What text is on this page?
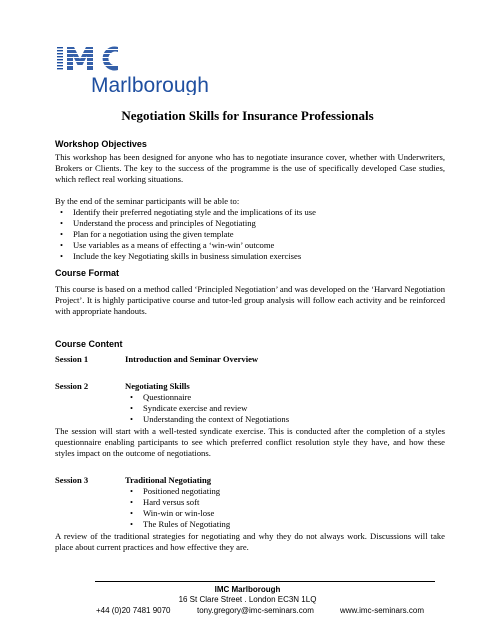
Marlborough
Negotiation Skills for Insurance Professionals
Workshop Objectives
This workshop has been designed for anyone who has to negotiate insurance cover, whether with Underwriters, Brokers or Clients. The key to the success of the programme is the use of specifically developed Case studies, which reflect real working situations.
By the end of the seminar participants will be able to:
• Identify their preferred negotiating style and the implications of its use
• Understand the process and principles of Negotiating
• Plan for a negotiation using the given template
• Use variables as a means of effecting a ‘win-win’ outcome
• Include the key Negotiating skills in business simulation exercises
Course Format
This course is based on a method called ‘Principled Negotiation’ and was developed on the ‘Harvard Negotiation Project’. It is highly participative course and tutor-led group analysis will follow each activity and be reinforced with appropriate handouts.
Course Content
Session 1	Introduction and Seminar Overview
Session 2	Negotiating Skills
• Questionnaire
• Syndicate exercise and review
• Understanding the context of Negotiations
The session will start with a well-tested syndicate exercise. This is conducted after the completion of a styles questionnaire enabling participants to see which preferred conflict resolution style they have, and how these styles impact on the outcome of negotiations.
Session 3	Traditional Negotiating
• Positioned negotiating
• Hard versus soft
• Win-win or win-lose
• The Rules of Negotiating
A review of the traditional strategies for negotiating and why they do not always work. Discussions will take place about current practices and how effective they are.
IMC Marlborough
16 St Clare Street . London EC3N 1LQ
+44 (0)20 7481 9070	tony.gregory@imc-seminars.com	www.imc-seminars.com
